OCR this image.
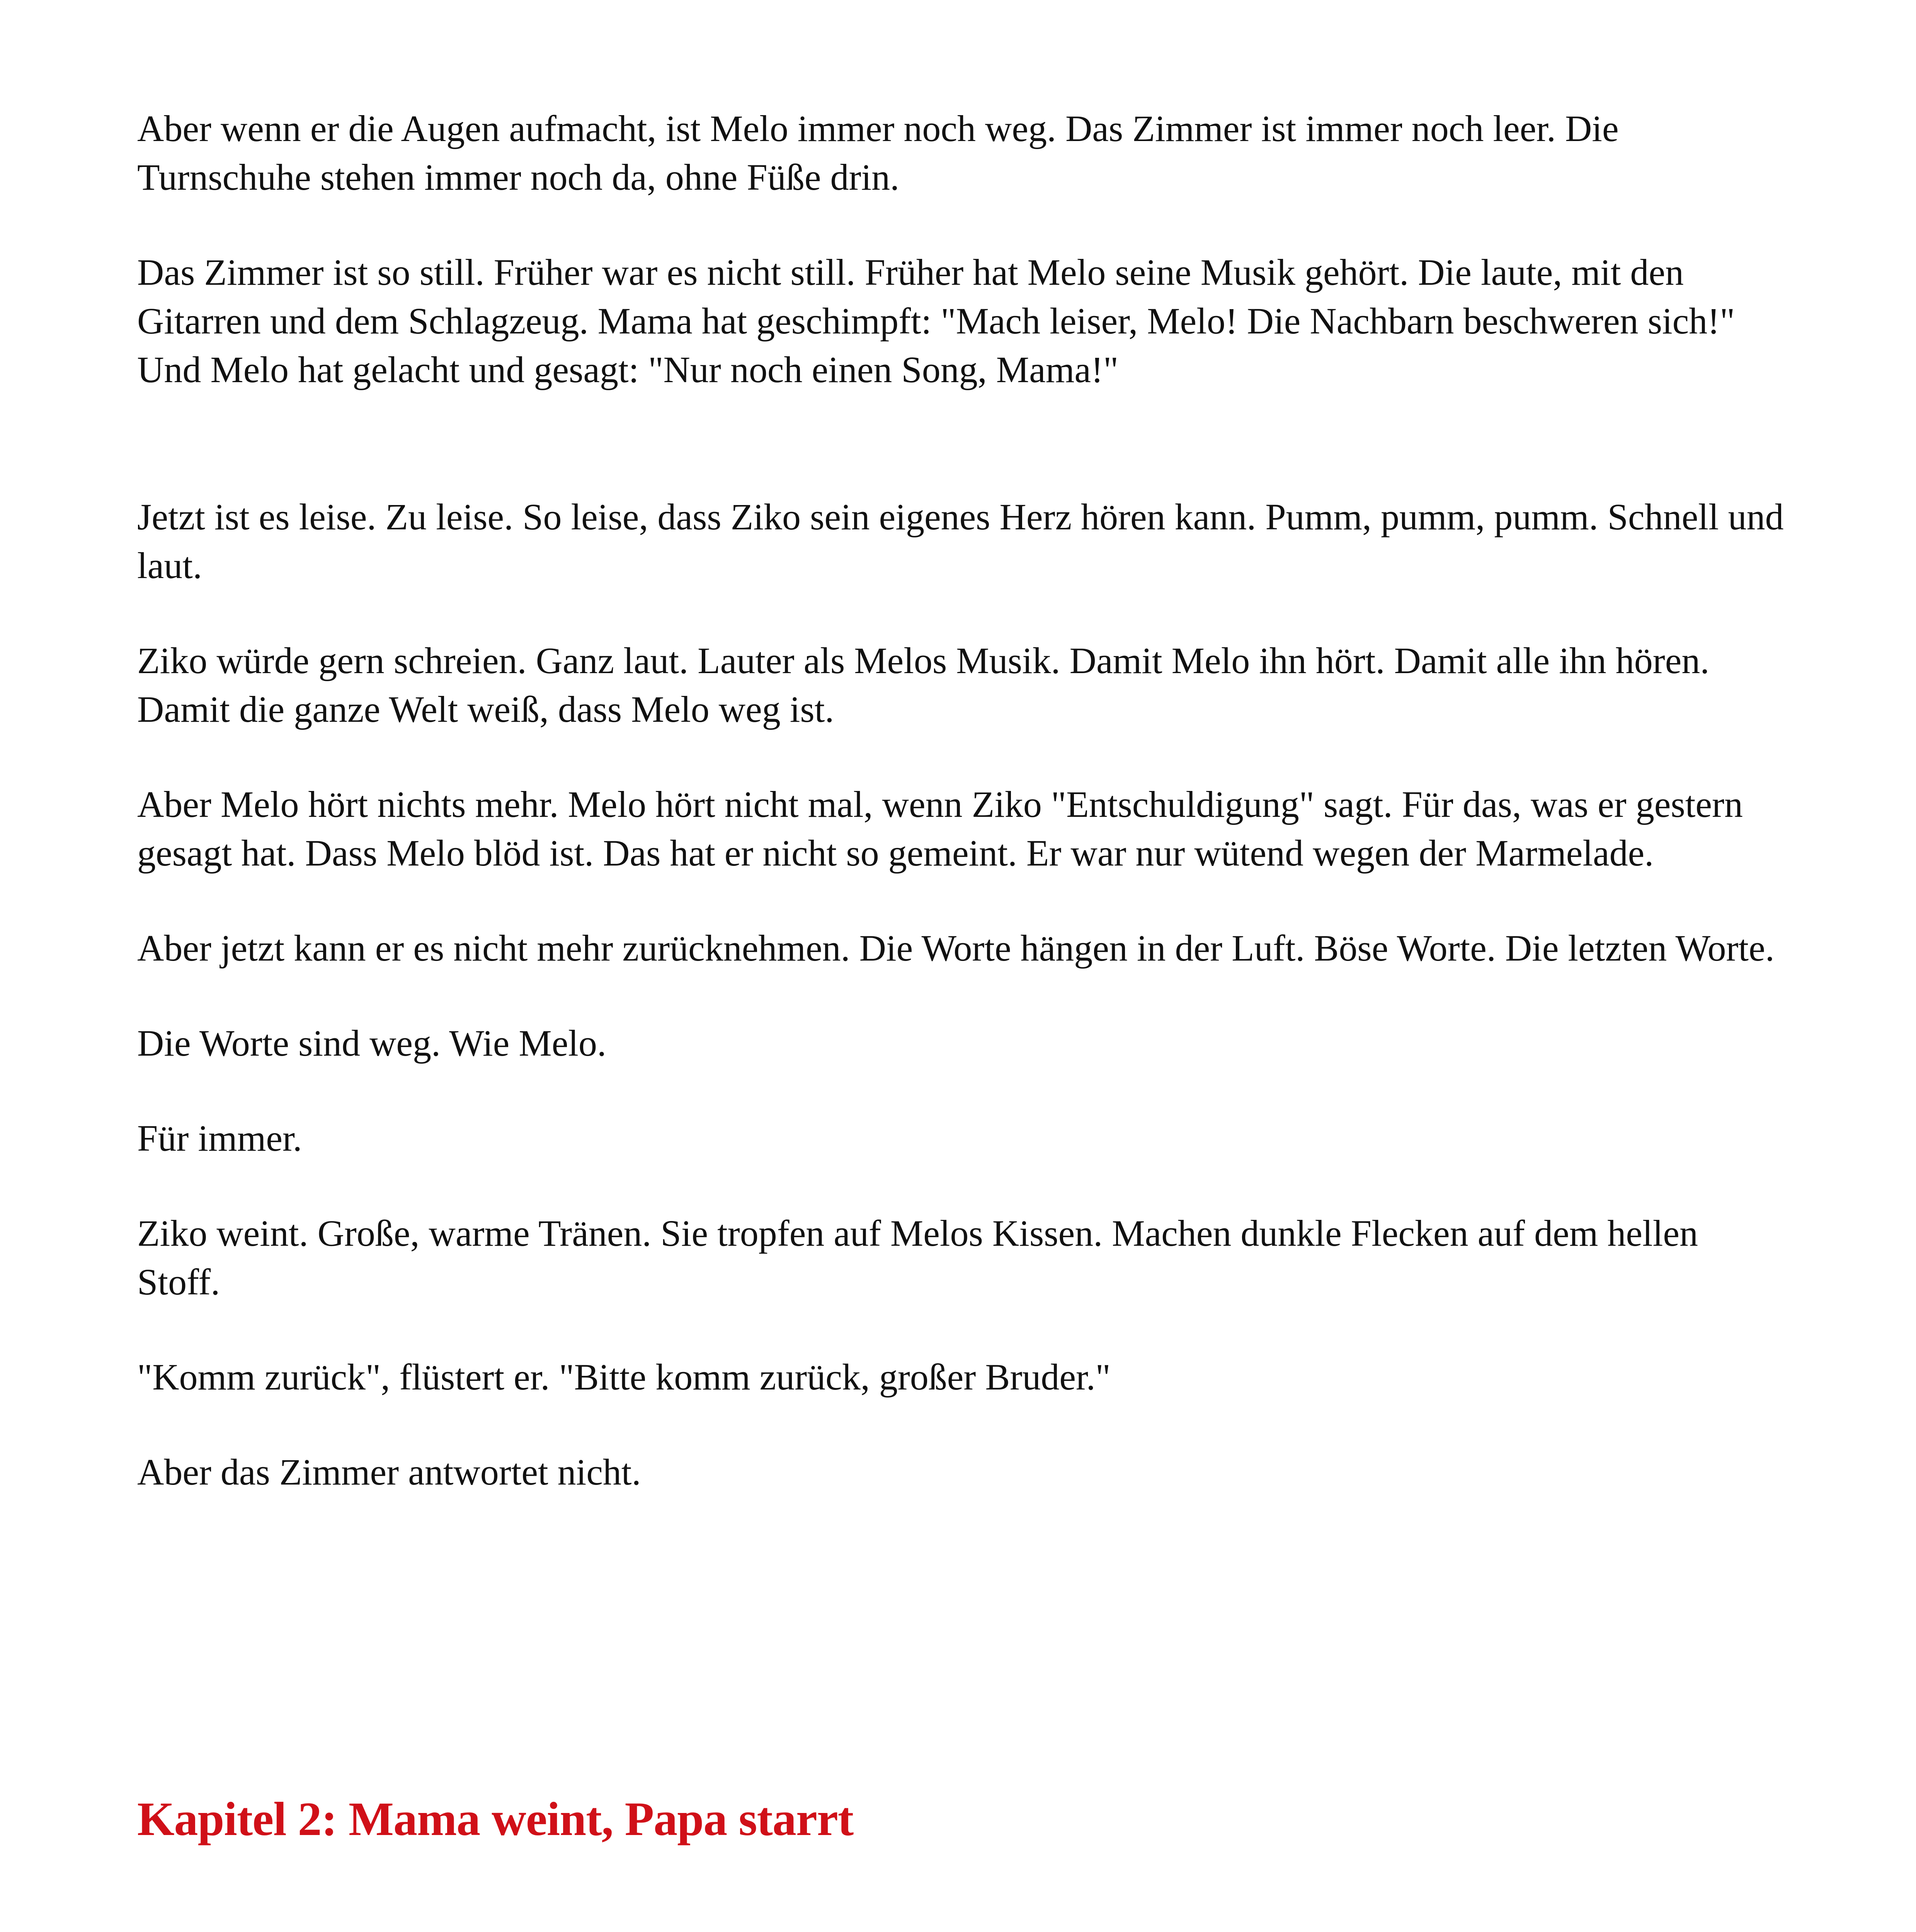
Aber wenn er die Augen aufmacht, ist Melo immer noch weg. Das Zimmer ist immer noch leer. Die Turnschuhe stehen immer noch da, ohne Füße drin.

Das Zimmer ist so still. Früher war es nicht still. Früher hat Melo seine Musik gehört. Die laute, mit den Gitarren und dem Schlagzeug. Mama hat geschimpft: "Mach leiser, Melo! Die Nachbarn beschweren sich!" Und Melo hat gelacht und gesagt: "Nur noch einen Song, Mama!"

Jetzt ist es leise. Zu leise. So leise, dass Ziko sein eigenes Herz hören kann. Pumm, pumm, pumm. Schnell und laut.

Ziko würde gern schreien. Ganz laut. Lauter als Melos Musik. Damit Melo ihn hört. Damit alle ihn hören. Damit die ganze Welt weiß, dass Melo weg ist.

Aber Melo hört nichts mehr. Melo hört nicht mal, wenn Ziko "Entschuldigung" sagt. Für das, was er gestern gesagt hat. Dass Melo blöd ist. Das hat er nicht so gemeint. Er war nur wütend wegen der Marmelade.

Aber jetzt kann er es nicht mehr zurücknehmen. Die Worte hängen in der Luft. Böse Worte. Die letzten Worte.

Die Worte sind weg. Wie Melo.

Für immer.

Ziko weint. Große, warme Tränen. Sie tropfen auf Melos Kissen. Machen dunkle Flecken auf dem hellen Stoff.

"Komm zurück", flüstert er. "Bitte komm zurück, großer Bruder."

Aber das Zimmer antwortet nicht.

Kapitel 2: Mama weint, Papa starrt
